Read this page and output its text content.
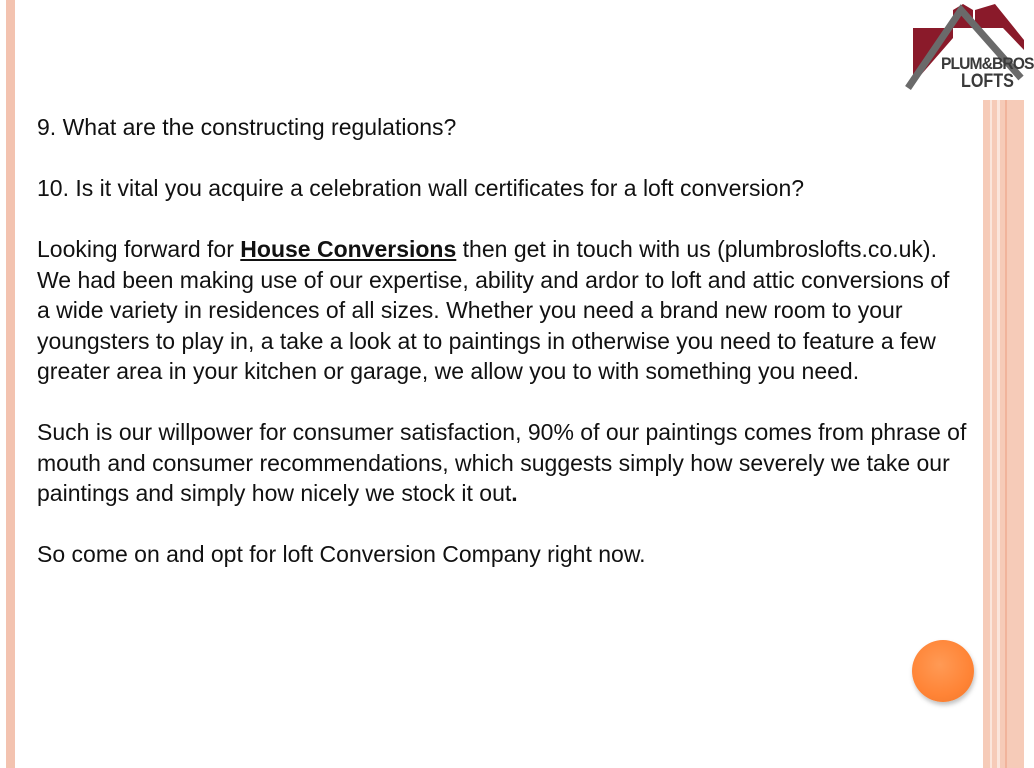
PLUM&BROS
LOFTS

9. What are the constructing regulations?

10. Is it vital you acquire a celebration wall certificates for a loft conversion?

Looking forward for House Conversions then get in touch with us (plumbroslofts.co.uk). We had been making use of our expertise, ability and ardor to loft and attic conversions of a wide variety in residences of all sizes. Whether you need a brand new room to your youngsters to play in, a take a look at to paintings in otherwise you need to feature a few greater area in your kitchen or garage, we allow you to with something you need.

Such is our willpower for consumer satisfaction, 90% of our paintings comes from phrase of mouth and consumer recommendations, which suggests simply how severely we take our paintings and simply how nicely we stock it out.

So come on and opt for loft Conversion Company right now.
